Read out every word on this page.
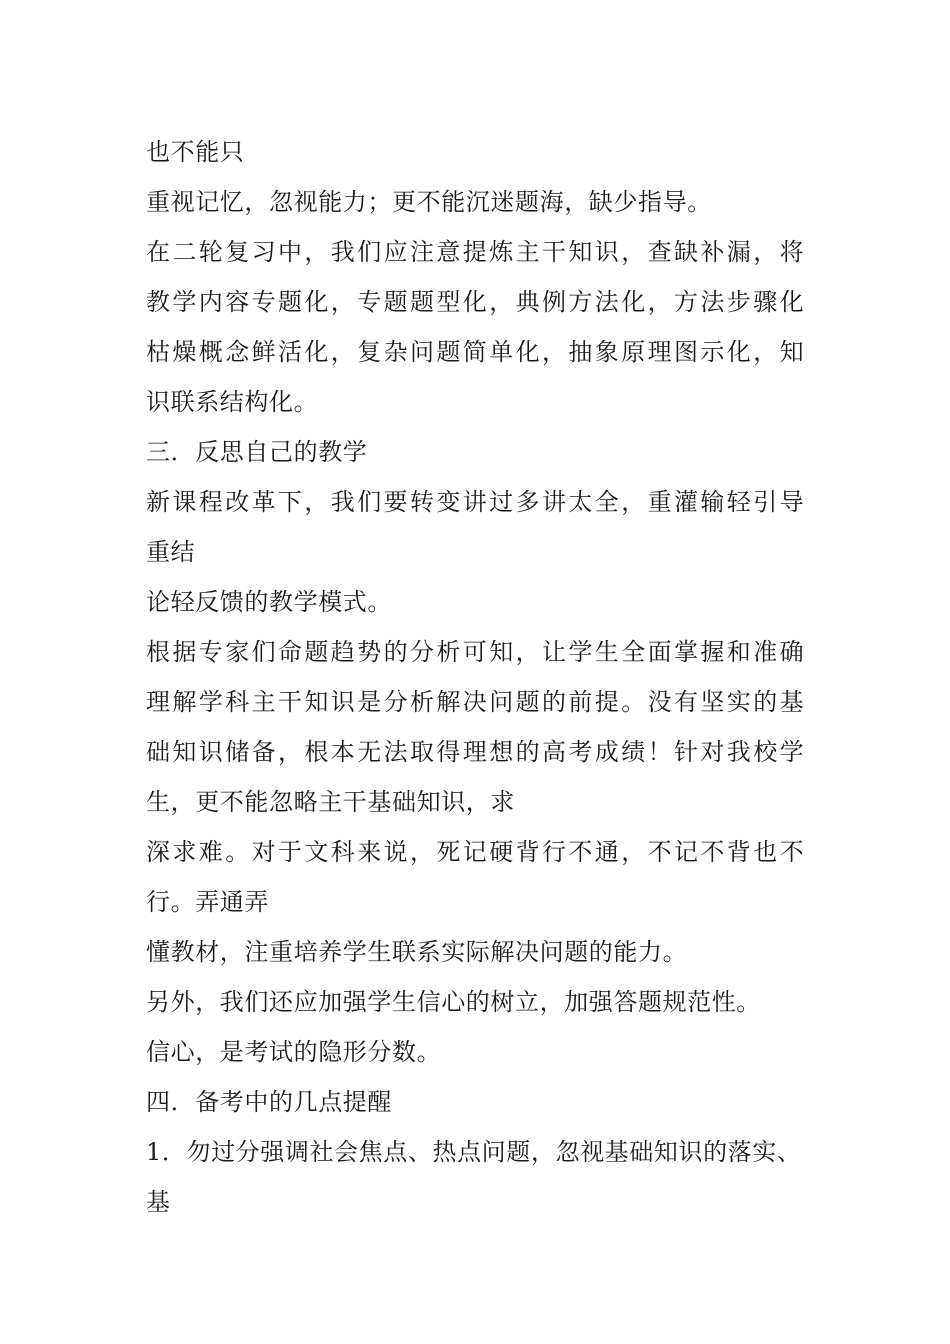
也不能只

重视记忆，忽视能力；更不能沉迷题海，缺少指导。

在二轮复习中，我们应注意提炼主干知识，查缺补漏，将

教学内容专题化，专题题型化，典例方法化，方法步骤化

枯燥概念鲜活化，复杂问题简单化，抽象原理图示化，知

识联系结构化。

三．反思自己的教学

新课程改革下，我们要转变讲过多讲太全，重灌输轻引导

重结

论轻反馈的教学模式。

根据专家们命题趋势的分析可知，让学生全面掌握和准确

理解学科主干知识是分析解决问题的前提。没有坚实的基

础知识储备，根本无法取得理想的高考成绩！针对我校学

生，更不能忽略主干基础知识，求

深求难。对于文科来说，死记硬背行不通，不记不背也不

行。弄通弄

懂教材，注重培养学生联系实际解决问题的能力。

另外，我们还应加强学生信心的树立，加强答题规范性。

信心，是考试的隐形分数。

四．备考中的几点提醒

1．勿过分强调社会焦点、热点问题，忽视基础知识的落实、

基
